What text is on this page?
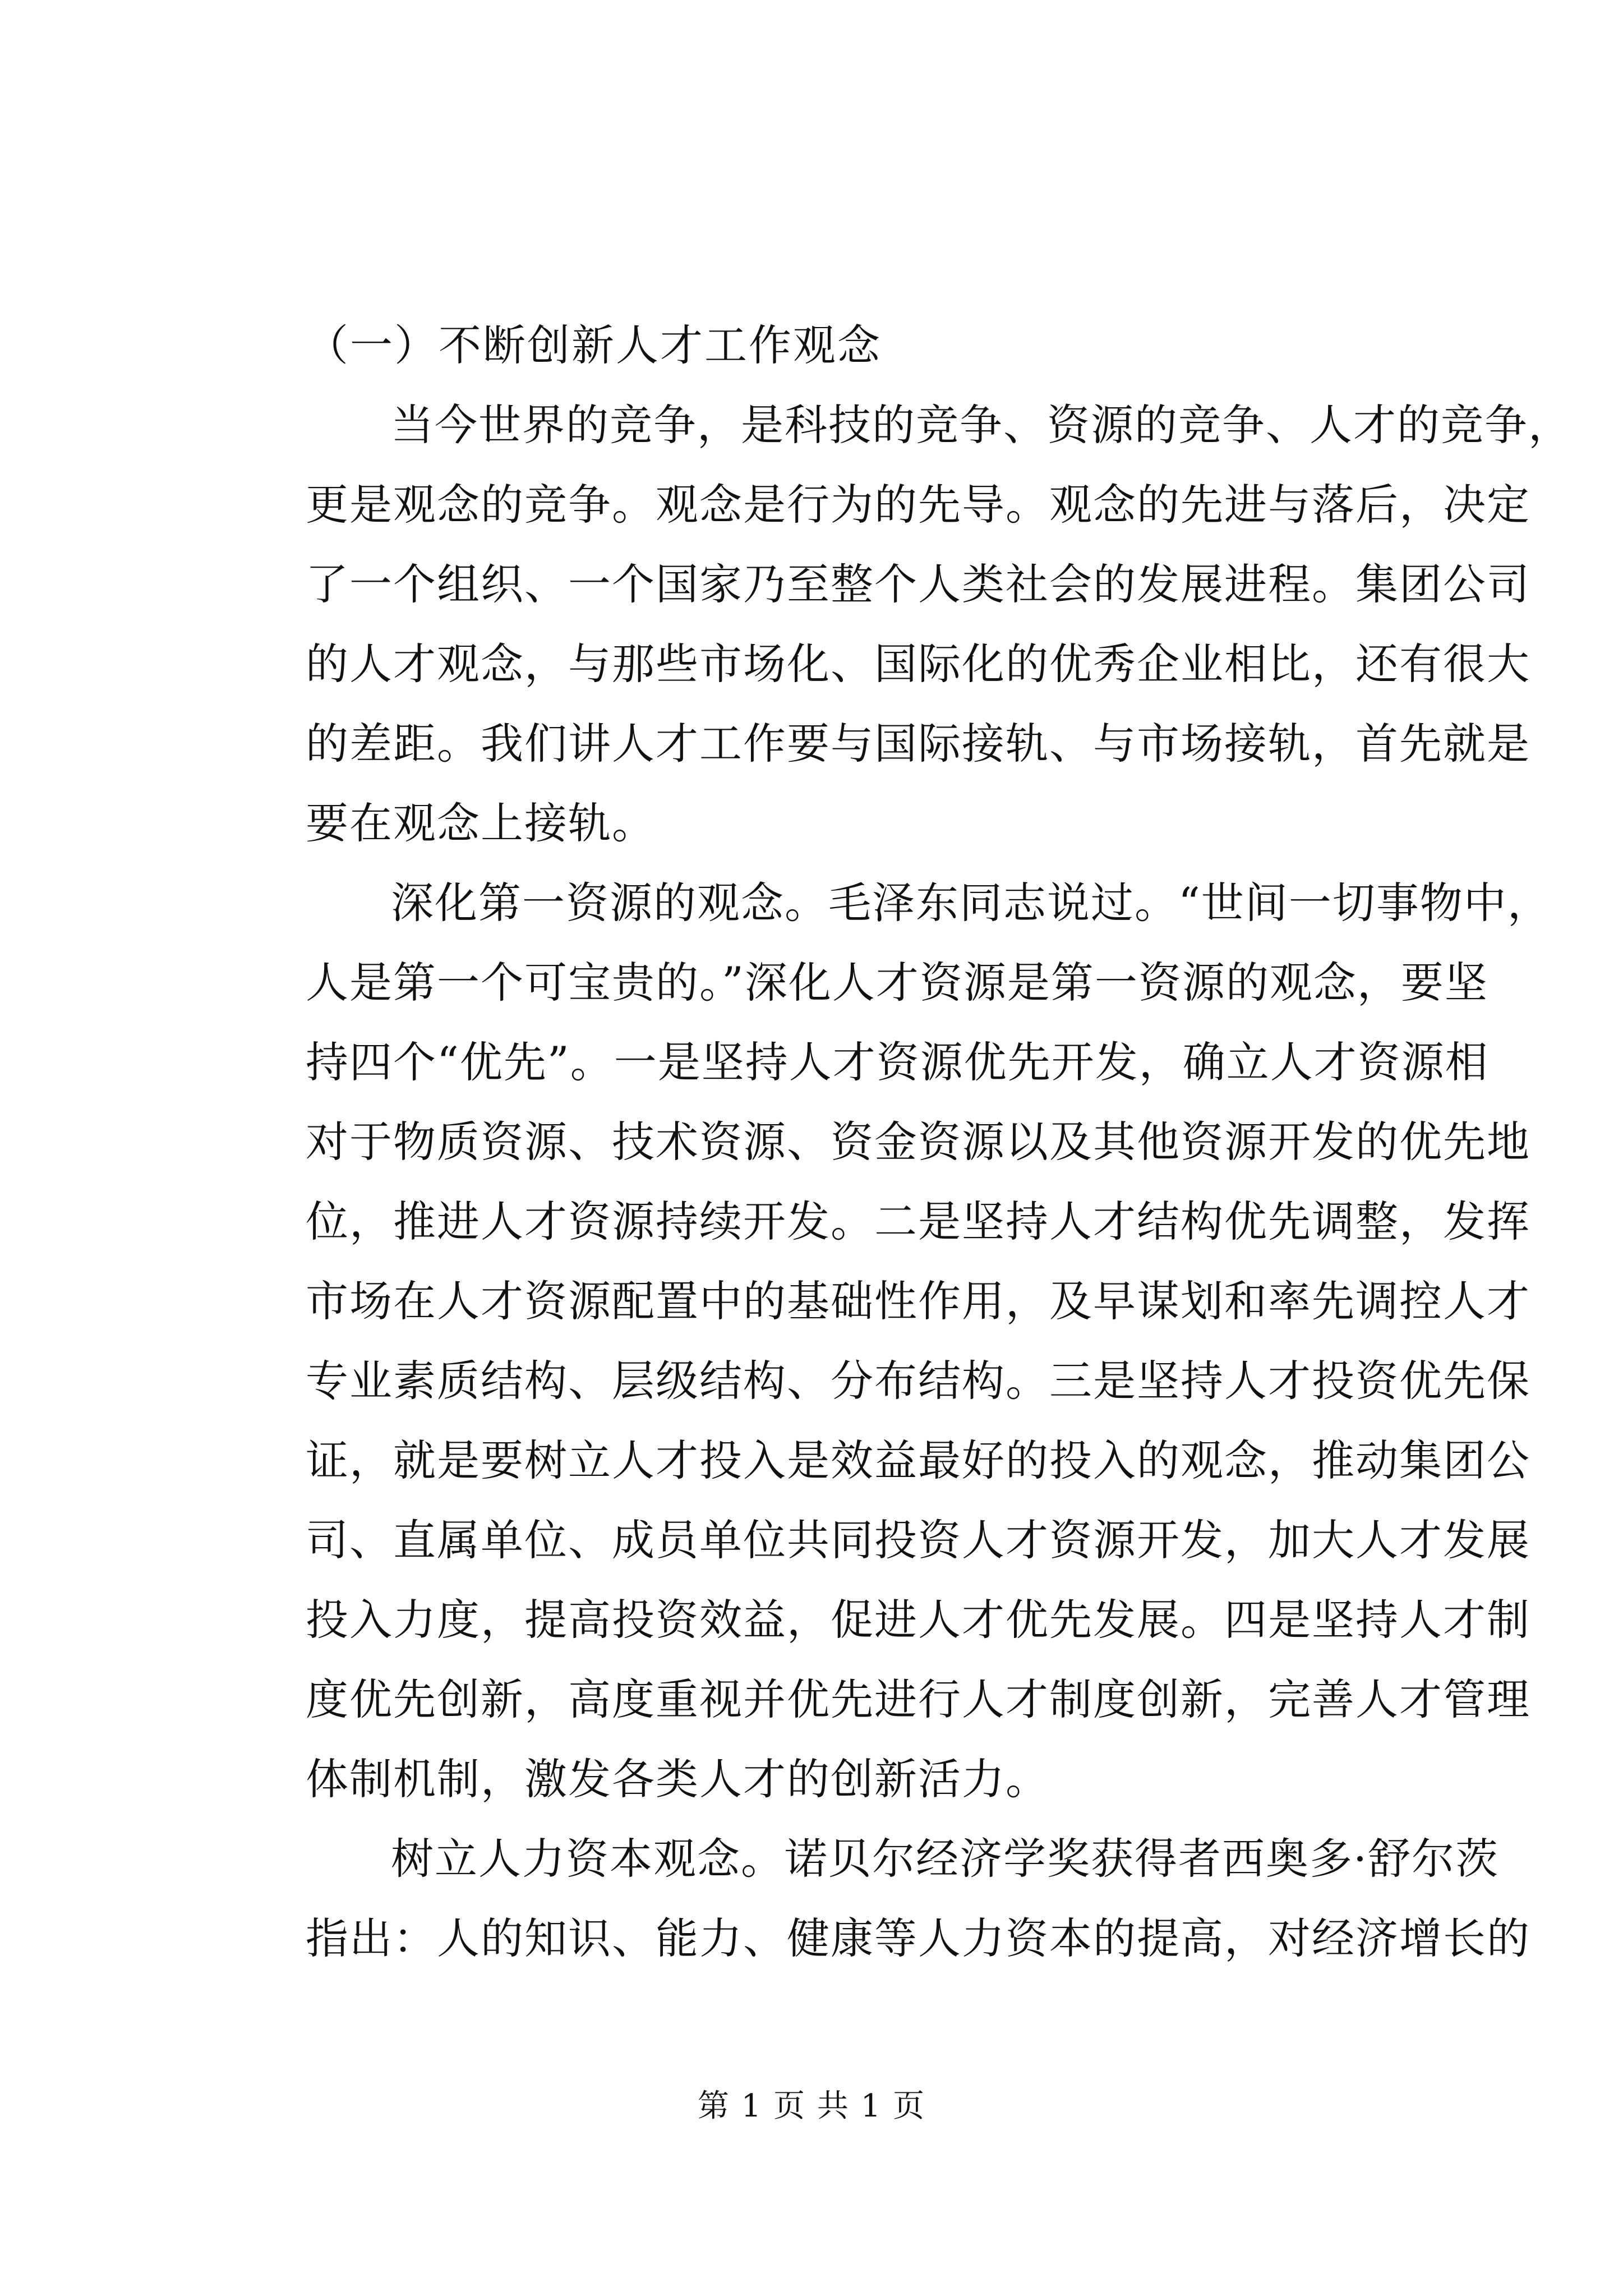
（一）不断创新人才工作观念
当今世界的竞争，是科技的竞争、资源的竞争、人才的竞争，
更是观念的竞争。观念是行为的先导。观念的先进与落后，决定
了一个组织、一个国家乃至整个人类社会的发展进程。集团公司
的人才观念，与那些市场化、国际化的优秀企业相比，还有很大
的差距。我们讲人才工作要与国际接轨、与市场接轨，首先就是
要在观念上接轨。
深化第一资源的观念。毛泽东同志说过。“世间一切事物中，
人是第一个可宝贵的。”深化人才资源是第一资源的观念，要坚
持四个“优先”。一是坚持人才资源优先开发，确立人才资源相
对于物质资源、技术资源、资金资源以及其他资源开发的优先地
位，推进人才资源持续开发。二是坚持人才结构优先调整，发挥
市场在人才资源配置中的基础性作用，及早谋划和率先调控人才
专业素质结构、层级结构、分布结构。三是坚持人才投资优先保
证，就是要树立人才投入是效益最好的投入的观念，推动集团公
司、直属单位、成员单位共同投资人才资源开发，加大人才发展
投入力度，提高投资效益，促进人才优先发展。四是坚持人才制
度优先创新，高度重视并优先进行人才制度创新，完善人才管理
体制机制，激发各类人才的创新活力。
树立人力资本观念。诺贝尔经济学奖获得者西奥多·舒尔茨
指出：人的知识、能力、健康等人力资本的提高，对经济增长的
第 1 页 共 1 页
